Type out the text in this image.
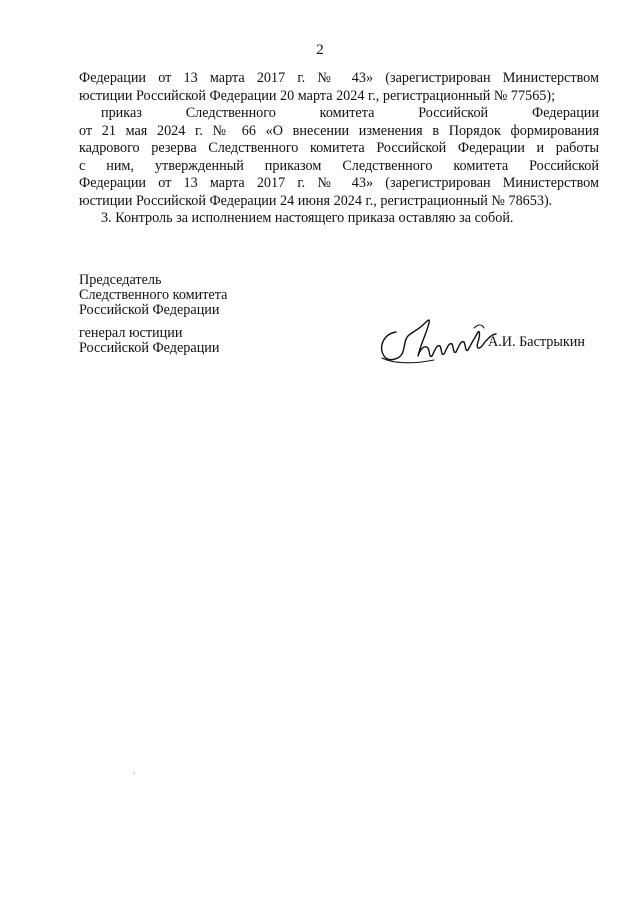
2
Федерации от 13 марта 2017 г. № 43» (зарегистрирован Министерством
юстиции Российской Федерации 20 марта 2024 г., регистрационный № 77565);
приказ Следственного комитета Российской Федерации
от 21 мая 2024 г. № 66 «О внесении изменения в Порядок формирования
кадрового резерва Следственного комитета Российской Федерации и работы
с ним, утвержденный приказом Следственного комитета Российской
Федерации от 13 марта 2017 г. № 43» (зарегистрирован Министерством
юстиции Российской Федерации 24 июня 2024 г., регистрационный № 78653).
3. Контроль за исполнением настоящего приказа оставляю за собой.
Председатель
Следственного комитета
Российской Федерации
генерал юстиции
Российской Федерации	А.И. Бастрыкин
